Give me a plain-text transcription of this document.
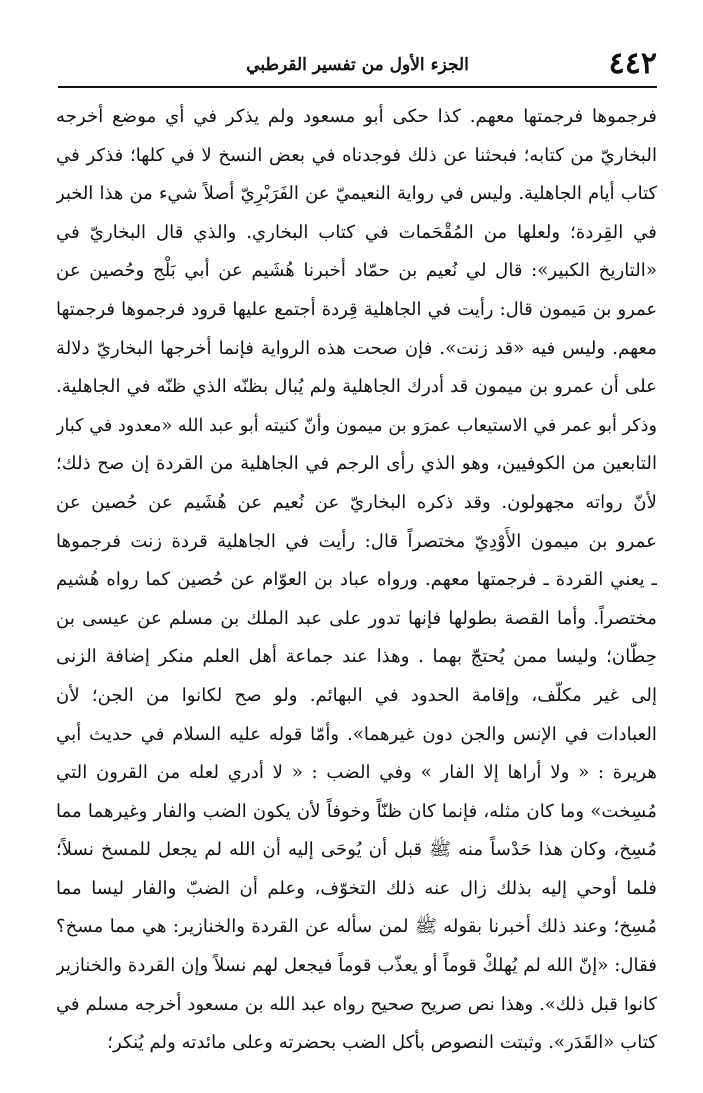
٤٤٢
الجزء الأول من تفسير القرطبي
فرجموها فرجمتها معهم. كذا حكى أبو مسعود ولم يذكر في أي موضع أخرجه
البخاريّ من كتابه؛ فبحثنا عن ذلك فوجدناه في بعض النسخ لا في كلها؛ فذكر في
كتاب أيام الجاهلية. وليس في رواية النعيميّ عن الفَرَبْرِيّ أصلاً شيء من هذا الخبر
في القِردة؛ ولعلها من المُقْحَمات في كتاب البخاري. والذي قال البخاريّ في
«التاريخ الكبير»: قال لي نُعيم بن حمّاد أخبرنا هُشَيم عن أبي بَلْج وحُصين عن
عمرو بن مَيمون قال: رأيت في الجاهلية قِردة أجتمع عليها قرود فرجموها فرجمتها
معهم. وليس فيه «قد زنت». فإن صحت هذه الرواية فإنما أخرجها البخاريّ دلالة
على أن عمرو بن ميمون قد أدرك الجاهلية ولم يُبال بظنّه الذي ظنّه في الجاهلية.
وذكر أبو عمر في الاستيعاب عمرَو بن ميمون وأنّ كنيته أبو عبد الله «معدود في كبار
التابعين من الكوفيين، وهو الذي رأى الرجم في الجاهلية من القردة إن صح ذلك؛
لأنّ رواته مجهولون. وقد ذكره البخاريّ عن نُعيم عن هُشَيم عن حُصين عن
عمرو بن ميمون الأَوْدِيّ مختصراً قال: رأيت في الجاهلية قردة زنت فرجموها
ـ يعني القردة ـ فرجمتها معهم. ورواه عباد بن العوّام عن حُصين كما رواه هُشيم
مختصراً. وأما القصة بطولها فإنها تدور على عبد الملك بن مسلم عن عيسى بن
حِطّان؛ وليسا ممن يُحتجّ بهما . وهذا عند جماعة أهل العلم منكر إضافة الزنى
إلى غير مكلّف، وإقامة الحدود في البهائم. ولو صح لكانوا من الجن؛ لأن
العبادات في الإنس والجن دون غيرهما». وأمّا قوله عليه السلام في حديث أبي
هريرة : « ولا أراها إلا الفار » وفي الضب : « لا أدري لعله من القرون التي
مُسِخت» وما كان مثله، فإنما كان ظنّاً وخوفاً لأن يكون الضب والفار وغيرهما مما
مُسِخ، وكان هذا حَدْساً منه ﷺ قبل أن يُوحَى إليه أن الله لم يجعل للمسخ نسلاً؛
فلما أوحي إليه بذلك زال عنه ذلك التخوّف، وعلم أن الضبّ والفار ليسا مما
مُسِخ؛ وعند ذلك أخبرنا بقوله ﷺ لمن سأله عن القردة والخنازير: هي مما مسخ؟
فقال: «إنّ الله لم يُهلكْ قوماً أو يعذّب قوماً فيجعل لهم نسلاً وإن القردة والخنازير
كانوا قبل ذلك». وهذا نص صريح صحيح رواه عبد الله بن مسعود أخرجه مسلم في
كتاب «القَدَر». وثبتت النصوص بأكل الضب بحضرته وعلى مائدته ولم يُنكر؛
